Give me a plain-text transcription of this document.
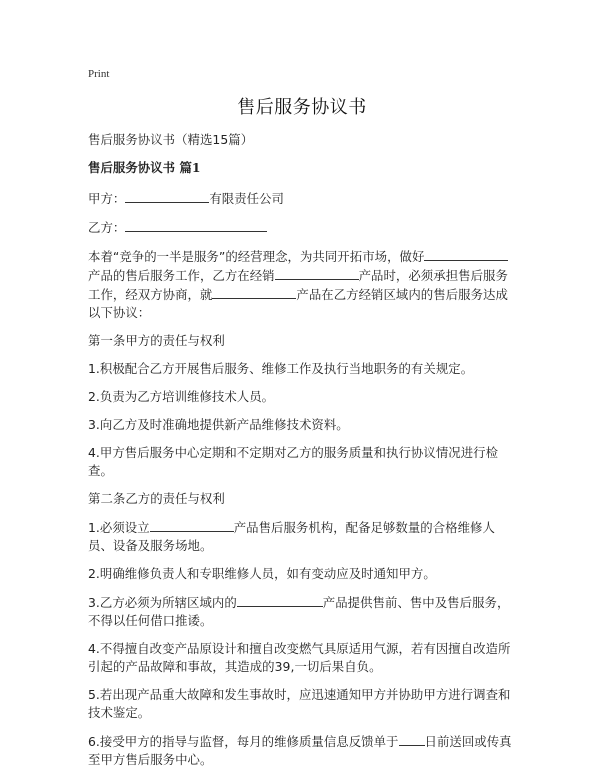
Print
售后服务协议书
售后服务协议书（精选15篇）
售后服务协议书 篇1
甲方：	有限责任公司
乙方：
本着“竞争的一半是服务”的经营理念，为共同开拓市场，做好产品的售后服务工作，乙方在经销	产品时，必须承担售后服务工作，经双方协商，就	产品在乙方经销区域内的售后服务达成以下协议：
第一条甲方的责任与权利
1.积极配合乙方开展售后服务、维修工作及执行当地职务的有关规定。
2.负责为乙方培训维修技术人员。
3.向乙方及时准确地提供新产品维修技术资料。
4.甲方售后服务中心定期和不定期对乙方的服务质量和执行协议情况进行检查。
第二条乙方的责任与权利
1.必须设立	产品售后服务机构，配备足够数量的合格维修人员、设备及服务场地。
2.明确维修负责人和专职维修人员，如有变动应及时通知甲方。
3.乙方必须为所辖区域内的	产品提供售前、售中及售后服务，不得以任何借口推诿。
4.不得擅自改变产品原设计和擅自改变燃气具原适用气源，若有因擅自改造所引起的产品故障和事故，其造成的39,一切后果自负。
5.若出现产品重大故障和发生事故时，应迅速通知甲方并协助甲方进行调查和技术鉴定。
6.接受甲方的指导与监督，每月的维修质量信息反馈单于 日前送回或传真至甲方售后服务中心。
